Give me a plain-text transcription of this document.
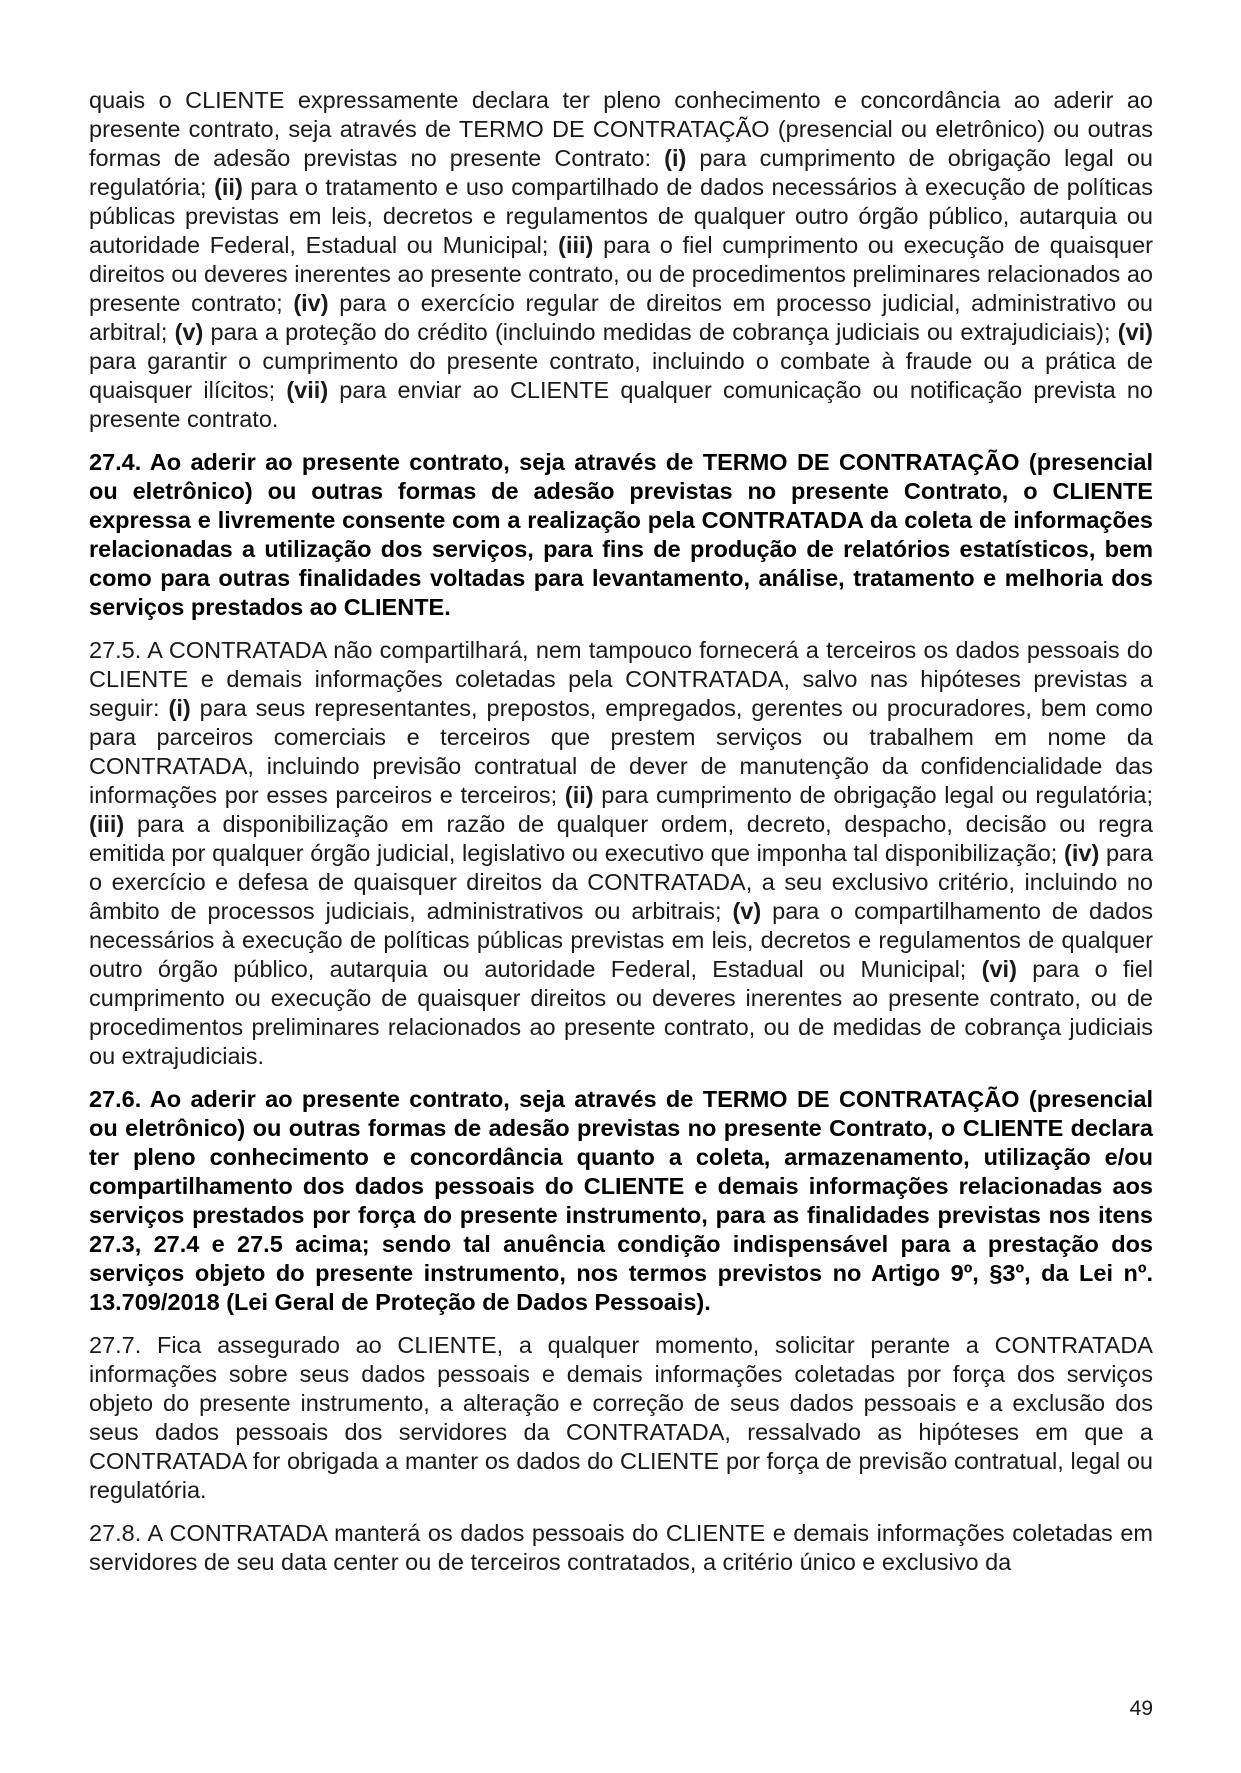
quais o CLIENTE expressamente declara ter pleno conhecimento e concordância ao aderir ao presente contrato, seja através de TERMO DE CONTRATAÇÃO (presencial ou eletrônico) ou outras formas de adesão previstas no presente Contrato: (i) para cumprimento de obrigação legal ou regulatória; (ii) para o tratamento e uso compartilhado de dados necessários à execução de políticas públicas previstas em leis, decretos e regulamentos de qualquer outro órgão público, autarquia ou autoridade Federal, Estadual ou Municipal; (iii) para o fiel cumprimento ou execução de quaisquer direitos ou deveres inerentes ao presente contrato, ou de procedimentos preliminares relacionados ao presente contrato; (iv) para o exercício regular de direitos em processo judicial, administrativo ou arbitral; (v) para a proteção do crédito (incluindo medidas de cobrança judiciais ou extrajudiciais); (vi) para garantir o cumprimento do presente contrato, incluindo o combate à fraude ou a prática de quaisquer ilícitos; (vii) para enviar ao CLIENTE qualquer comunicação ou notificação prevista no presente contrato.

27.4. Ao aderir ao presente contrato, seja através de TERMO DE CONTRATAÇÃO (presencial ou eletrônico) ou outras formas de adesão previstas no presente Contrato, o CLIENTE expressa e livremente consente com a realização pela CONTRATADA da coleta de informações relacionadas a utilização dos serviços, para fins de produção de relatórios estatísticos, bem como para outras finalidades voltadas para levantamento, análise, tratamento e melhoria dos serviços prestados ao CLIENTE.

27.5. A CONTRATADA não compartilhará, nem tampouco fornecerá a terceiros os dados pessoais do CLIENTE e demais informações coletadas pela CONTRATADA, salvo nas hipóteses previstas a seguir: (i) para seus representantes, prepostos, empregados, gerentes ou procuradores, bem como para parceiros comerciais e terceiros que prestem serviços ou trabalhem em nome da CONTRATADA, incluindo previsão contratual de dever de manutenção da confidencialidade das informações por esses parceiros e terceiros; (ii) para cumprimento de obrigação legal ou regulatória; (iii) para a disponibilização em razão de qualquer ordem, decreto, despacho, decisão ou regra emitida por qualquer órgão judicial, legislativo ou executivo que imponha tal disponibilização; (iv) para o exercício e defesa de quaisquer direitos da CONTRATADA, a seu exclusivo critério, incluindo no âmbito de processos judiciais, administrativos ou arbitrais; (v) para o compartilhamento de dados necessários à execução de políticas públicas previstas em leis, decretos e regulamentos de qualquer outro órgão público, autarquia ou autoridade Federal, Estadual ou Municipal; (vi) para o fiel cumprimento ou execução de quaisquer direitos ou deveres inerentes ao presente contrato, ou de procedimentos preliminares relacionados ao presente contrato, ou de medidas de cobrança judiciais ou extrajudiciais.

27.6. Ao aderir ao presente contrato, seja através de TERMO DE CONTRATAÇÃO (presencial ou eletrônico) ou outras formas de adesão previstas no presente Contrato, o CLIENTE declara ter pleno conhecimento e concordância quanto a coleta, armazenamento, utilização e/ou compartilhamento dos dados pessoais do CLIENTE e demais informações relacionadas aos serviços prestados por força do presente instrumento, para as finalidades previstas nos itens 27.3, 27.4 e 27.5 acima; sendo tal anuência condição indispensável para a prestação dos serviços objeto do presente instrumento, nos termos previstos no Artigo 9º, §3º, da Lei nº. 13.709/2018 (Lei Geral de Proteção de Dados Pessoais).

27.7. Fica assegurado ao CLIENTE, a qualquer momento, solicitar perante a CONTRATADA informações sobre seus dados pessoais e demais informações coletadas por força dos serviços objeto do presente instrumento, a alteração e correção de seus dados pessoais e a exclusão dos seus dados pessoais dos servidores da CONTRATADA, ressalvado as hipóteses em que a CONTRATADA for obrigada a manter os dados do CLIENTE por força de previsão contratual, legal ou regulatória.

27.8. A CONTRATADA manterá os dados pessoais do CLIENTE e demais informações coletadas em servidores de seu data center ou de terceiros contratados, a critério único e exclusivo da

49
